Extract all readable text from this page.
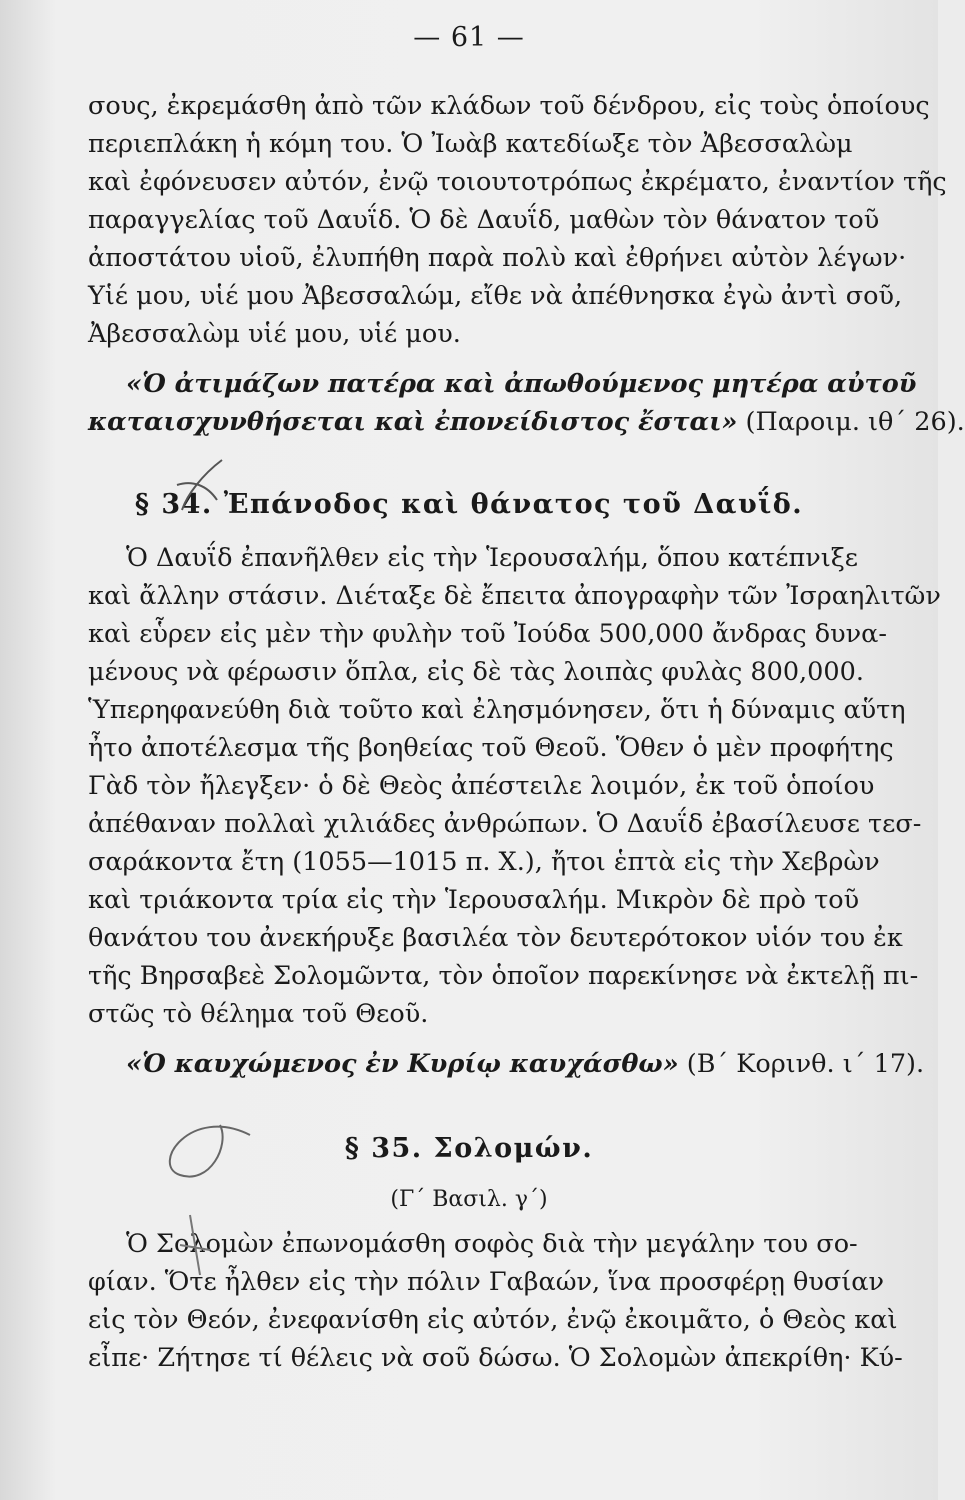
— 61 —
σους, ἐκρεμάσθη ἀπὸ τῶν κλάδων τοῦ δένδρου, εἰς τοὺς ὁποίους
περιεπλάκη ἡ κόμη του. Ὁ Ἰωὰβ κατεδίωξε τὸν Ἀβεσσαλὼμ
καὶ ἐφόνευσεν αὐτόν, ἐνῷ τοιουτοτρόπως ἐκρέματο, ἐναντίον τῆς
παραγγελίας τοῦ Δαυΐδ. Ὁ δὲ Δαυΐδ, μαθὼν τὸν θάνατον τοῦ
ἀποστάτου υἱοῦ, ἐλυπήθη παρὰ πολὺ καὶ ἐθρήνει αὐτὸν λέγων·
Υἱέ μου, υἱέ μου Ἀβεσσαλώμ, εἴθε νὰ ἀπέθνησκα ἐγὼ ἀντὶ σοῦ,
Ἀβεσσαλὼμ υἱέ μου, υἱέ μου.
«Ὁ ἀτιμάζων πατέρα καὶ ἀπωθούμενος μητέρα αὐτοῦ
καταισχυνθήσεται καὶ ἐπονείδιστος ἔσται» (Παροιμ. ιθ΄ 26).
§ 34. Ἐπάνοδος καὶ θάνατος τοῦ Δαυΐδ.
Ὁ Δαυΐδ ἐπανῆλθεν εἰς τὴν Ἱερουσαλήμ, ὅπου κατέπνιξε
καὶ ἄλλην στάσιν. Διέταξε δὲ ἔπειτα ἀπογραφὴν τῶν Ἰσραηλιτῶν
καὶ εὗρεν εἰς μὲν τὴν φυλὴν τοῦ Ἰούδα 500,000 ἄνδρας δυνα-
μένους νὰ φέρωσιν ὅπλα, εἰς δὲ τὰς λοιπὰς φυλὰς 800,000.
Ὑπερηφανεύθη διὰ τοῦτο καὶ ἐλησμόνησεν, ὅτι ἡ δύναμις αὕτη
ἦτο ἀποτέλεσμα τῆς βοηθείας τοῦ Θεοῦ. Ὅθεν ὁ μὲν προφήτης
Γὰδ τὸν ἤλεγξεν· ὁ δὲ Θεὸς ἀπέστειλε λοιμόν, ἐκ τοῦ ὁποίου
ἀπέθαναν πολλαὶ χιλιάδες ἀνθρώπων. Ὁ Δαυΐδ ἐβασίλευσε τεσ-
σαράκοντα ἔτη (1055—1015 π. Χ.), ἤτοι ἑπτὰ εἰς τὴν Χεβρὼν
καὶ τριάκοντα τρία εἰς τὴν Ἱερουσαλήμ. Μικρὸν δὲ πρὸ τοῦ
θανάτου του ἀνεκήρυξε βασιλέα τὸν δευτερότοκον υἱόν του ἐκ
τῆς Βηρσαβεὲ Σολομῶντα, τὸν ὁποῖον παρεκίνησε νὰ ἐκτελῇ πι-
στῶς τὸ θέλημα τοῦ Θεοῦ.
«Ὁ καυχώμενος ἐν Κυρίῳ καυχάσθω» (Β΄ Κορινθ. ι΄ 17).
§ 35. Σολομών.
(Γ΄ Βασιλ. γ΄)
Ὁ Σολομὼν ἐπωνομάσθη σοφὸς διὰ τὴν μεγάλην του σο-
φίαν. Ὅτε ἦλθεν εἰς τὴν πόλιν Γαβαών, ἵνα προσφέρῃ θυσίαν
εἰς τὸν Θεόν, ἐνεφανίσθη εἰς αὐτόν, ἐνῷ ἐκοιμᾶτο, ὁ Θεὸς καὶ
εἶπε· Ζήτησε τί θέλεις νὰ σοῦ δώσω. Ὁ Σολομὼν ἀπεκρίθη· Κύ-
